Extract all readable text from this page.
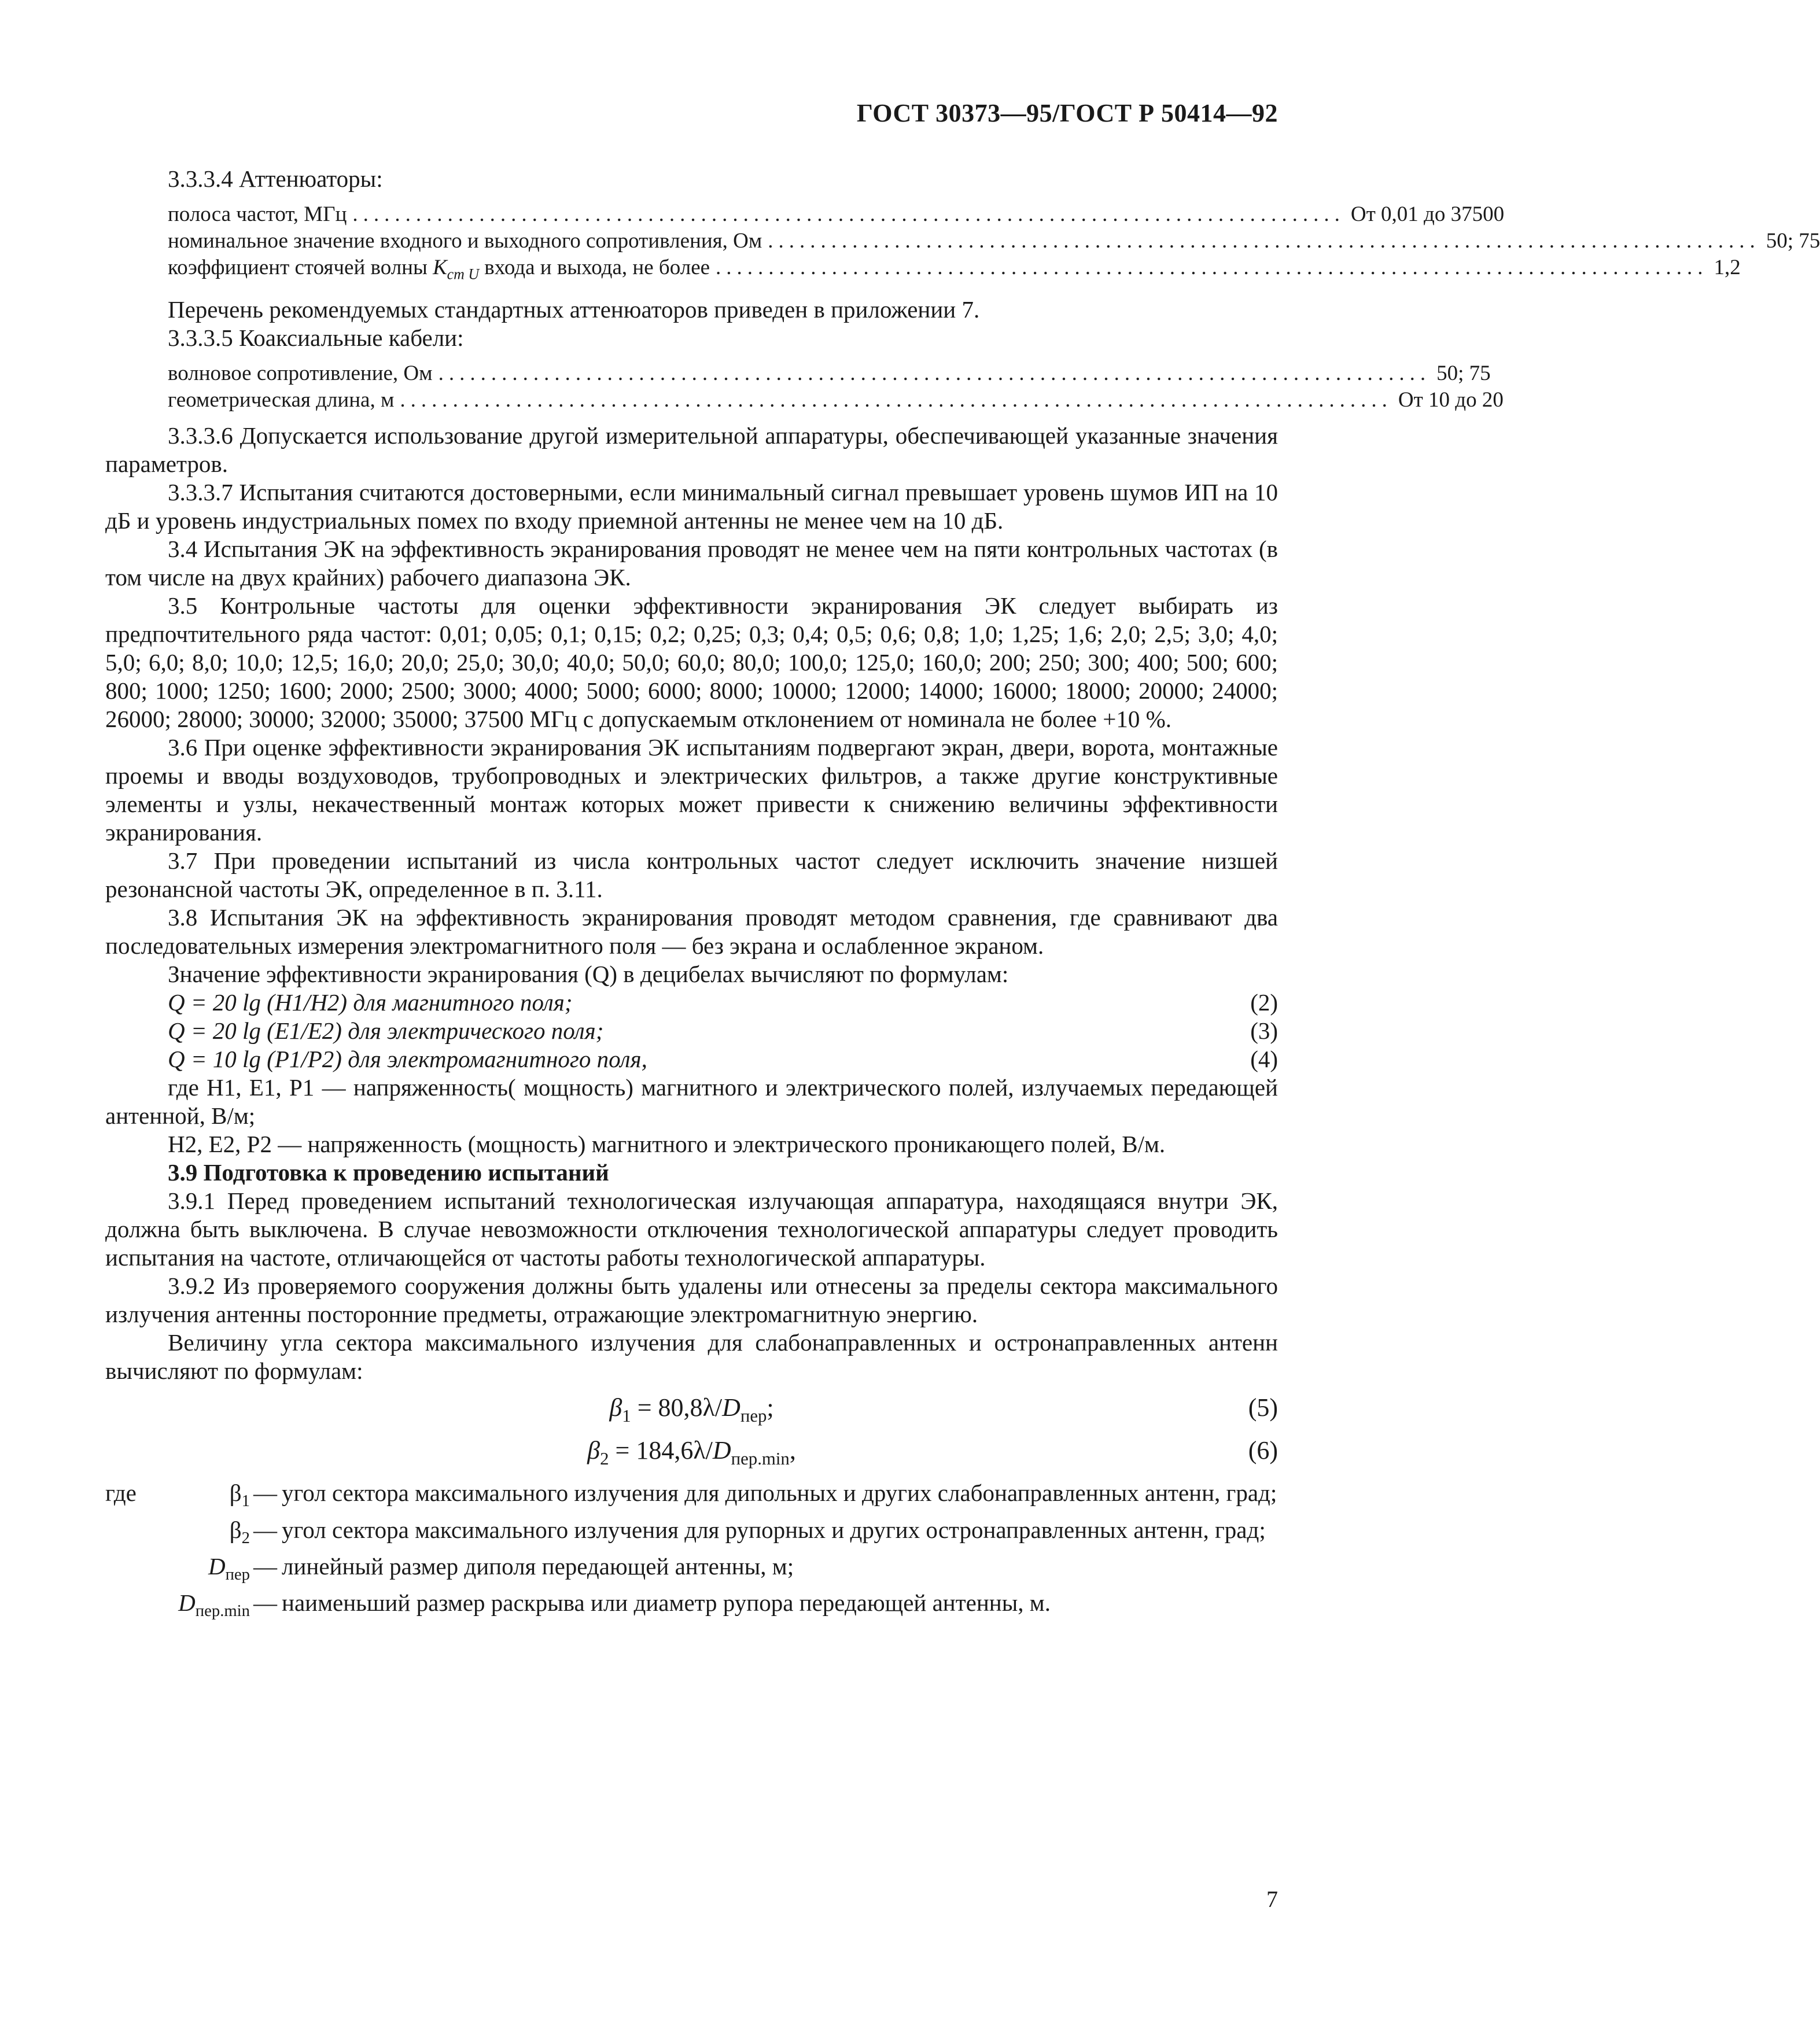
ГОСТ 30373—95/ГОСТ Р 50414—92

3.3.3.4 Аттенюаторы:

полоса частот, МГц .............................................................................................. От 0,01 до 37500
номинальное значение входного и выходного сопротивления, Ом .............................................................................................. 50; 75
коэффициент стоячей волны $К_{ст U}$ входа и выхода, не более .............................................................................................. 1,2

Перечень рекомендуемых стандартных аттенюаторов приведен в приложении 7.

3.3.3.5 Коаксиальные кабели:

волновое сопротивление, Ом .............................................................................................. 50; 75
геометрическая длина, м .............................................................................................. От 10 до 20

3.3.3.6 Допускается использование другой измерительной аппаратуры, обеспечивающей указанные значения параметров.

3.3.3.7 Испытания считаются достоверными, если минимальный сигнал превышает уровень шумов ИП на 10 дБ и уровень индустриальных помех по входу приемной антенны не менее чем на 10 дБ.

3.4 Испытания ЭК на эффективность экранирования проводят не менее чем на пяти контрольных частотах (в том числе на двух крайних) рабочего диапазона ЭК.

3.5 Контрольные частоты для оценки эффективности экранирования ЭК следует выбирать из предпочтительного ряда частот: 0,01; 0,05; 0,1; 0,15; 0,2; 0,25; 0,3; 0,4; 0,5; 0,6; 0,8; 1,0; 1,25; 1,6; 2,0; 2,5; 3,0; 4,0; 5,0; 6,0; 8,0; 10,0; 12,5; 16,0; 20,0; 25,0; 30,0; 40,0; 50,0; 60,0; 80,0; 100,0; 125,0; 160,0; 200; 250; 300; 400; 500; 600; 800; 1000; 1250; 1600; 2000; 2500; 3000; 4000; 5000; 6000; 8000; 10000; 12000; 14000; 16000; 18000; 20000; 24000; 26000; 28000; 30000; 32000; 35000; 37500 МГц с допускаемым отклонением от номинала не более +10 %.

3.6 При оценке эффективности экранирования ЭК испытаниям подвергают экран, двери, ворота, монтажные проемы и вводы воздуховодов, трубопроводных и электрических фильтров, а также другие конструктивные элементы и узлы, некачественный монтаж которых может привести к снижению величины эффективности экранирования.

3.7 При проведении испытаний из числа контрольных частот следует исключить значение низшей резонансной частоты ЭК, определенное в п. 3.11.

3.8 Испытания ЭК на эффективность экранирования проводят методом сравнения, где сравнивают два последовательных измерения электромагнитного поля — без экрана и ослабленное экраном.

Значение эффективности экранирования (Q) в децибелах вычисляют по формулам:

Q = 20 lg (H1/H2) для магнитного поля;	(2)
Q = 20 lg (E1/E2) для электрического поля;	(3)
Q = 10 lg (P1/P2) для электромагнитного поля,	(4)

где H1, E1, P1 — напряженность( мощность) магнитного и электрического полей, излучаемых передающей антенной, В/м;

H2, E2, P2 — напряженность (мощность) магнитного и электрического проникающего полей, В/м.

3.9 Подготовка к проведению испытаний

3.9.1 Перед проведением испытаний технологическая излучающая аппаратура, находящаяся внутри ЭК, должна быть выключена. В случае невозможности отключения технологической аппаратуры следует проводить испытания на частоте, отличающейся от частоты работы технологической аппаратуры.

3.9.2 Из проверяемого сооружения должны быть удалены или отнесены за пределы сектора максимального излучения антенны посторонние предметы, отражающие электромагнитную энергию.

Величину угла сектора максимального излучения для слабонаправленных и остронаправленных антенн вычисляют по формулам:

$\beta_1 = 80,8\lambda/D_{пер}$;	(5)
$\beta_2 = 184,6\lambda/D_{пер.min}$,	(6)
где	$\beta_1$ — угол сектора максимального излучения для дипольных и других слабонаправленных антенн, град;
$\beta_2$ — угол сектора максимального излучения для рупорных и других остронаправленных антенн, град;
$D_{пер}$ — линейный размер диполя передающей антенны, м;
$D_{пер.min}$ — наименьший размер раскрыва или диаметр рупора передающей антенны, м.
7
